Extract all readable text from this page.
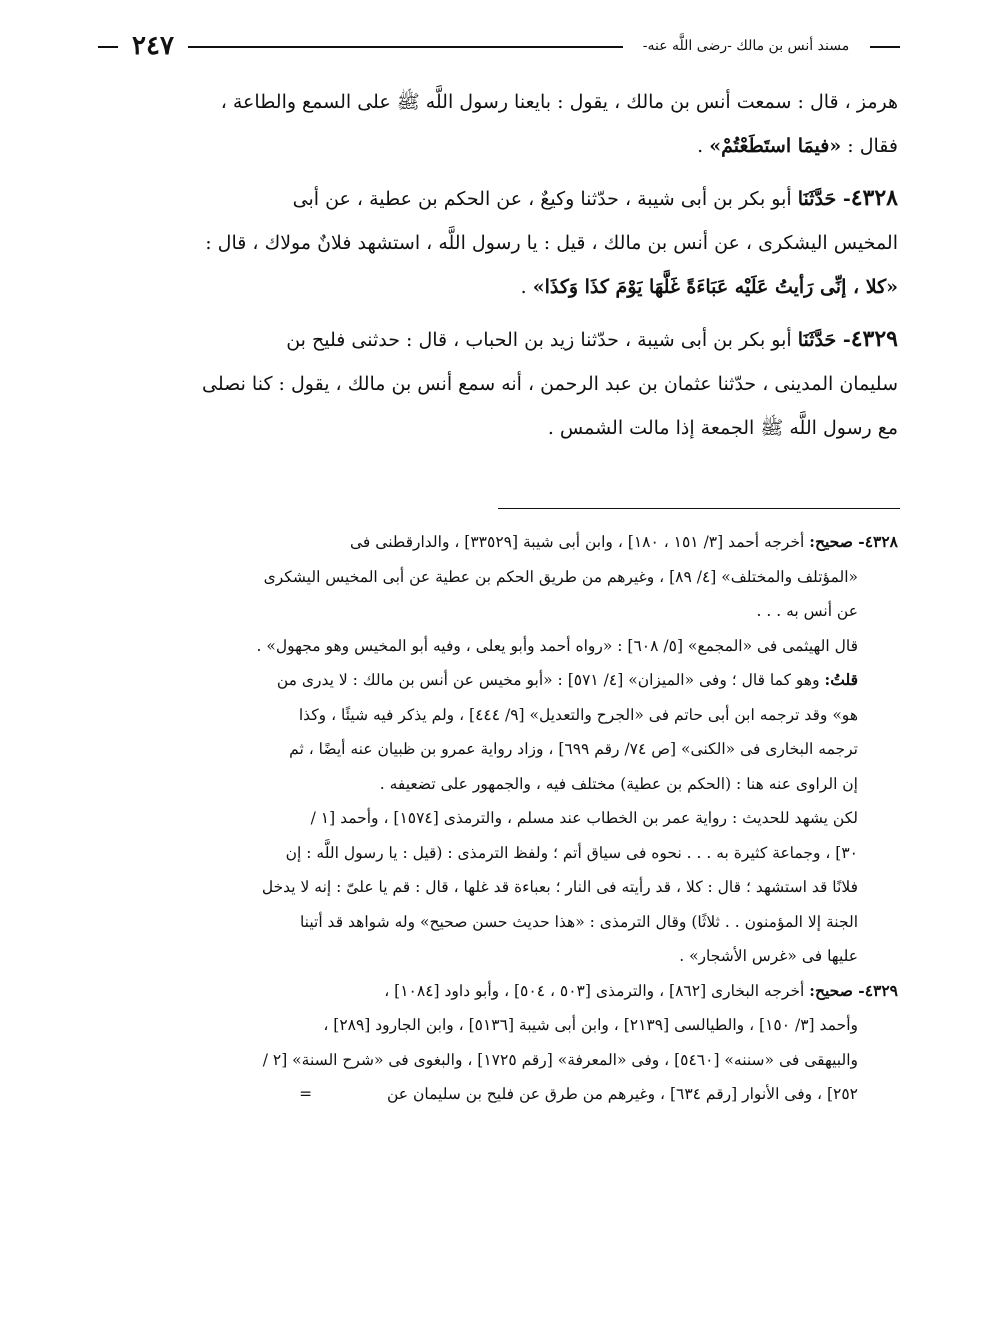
٢٤٧	مسند أنس بن مالك -رضى اللَّه عنه-

هرمز ، قال : سمعت أنس بن مالك ، يقول : بايعنا رسول اللَّه ﷺ على السمع والطاعة ،

فقال : «فيمَا استَطَعْتُمْ» .

٤٣٢٨- حَدَّثَنَا أبو بكر بن أبى شيبة ، حدّثنا وكيعٌ ، عن الحكم بن عطية ، عن أبى

المخيس اليشكرى ، عن أنس بن مالك ، قيل : يا رسول اللَّه ، استشهد فلانٌ مولاك ، قال :

«كلا ، إنِّى رَأيتُ عَلَيْه عَبَاءَةً غَلَّهَا يَوْمَ كذَا وَكذَا» .

٤٣٢٩- حَدَّثَنَا أبو بكر بن أبى شيبة ، حدّثنا زيد بن الحباب ، قال : حدثنى فليح بن

سليمان المدينى ، حدّثنا عثمان بن عبد الرحمن ، أنه سمع أنس بن مالك ، يقول : كنا نصلى

مع رسول اللَّه ﷺ الجمعة إذا مالت الشمس .

٤٣٢٨- صحيح: أخرجه أحمد [٣/ ١٥١ ، ١٨٠] ، وابن أبى شيبة [٣٣٥٢٩] ، والدارقطنى فى

«المؤتلف والمختلف» [٤/ ٨٩] ، وغيرهم من طريق الحكم بن عطية عن أبى المخيس اليشكرى

عن أنس به . . .

قال الهيثمى فى «المجمع» [٥/ ٦٠٨] : «رواه أحمد وأبو يعلى ، وفيه أبو المخيس وهو مجهول» .

قلتُ: وهو كما قال ؛ وفى «الميزان» [٤/ ٥٧١] : «أبو مخيس عن أنس بن مالك : لا يدرى من

هو» وقد ترجمه ابن أبى حاتم فى «الجرح والتعديل» [٩/ ٤٤٤] ، ولم يذكر فيه شيئًا ، وكذا

ترجمه البخارى فى «الكنى» [ص ٧٤/ رقم ٦٩٩] ، وزاد رواية عمرو بن ظبيان عنه أيضًا ، ثم

إن الراوى عنه هنا : (الحكم بن عطية) مختلف فيه ، والجمهور على تضعيفه .

لكن يشهد للحديث : رواية عمر بن الخطاب عند مسلم ، والترمذى [١٥٧٤] ، وأحمد [١ /

٣٠] ، وجماعة كثيرة به . . . نحوه فى سياق أتم ؛ ولفظ الترمذى : (قيل : يا رسول اللَّه : إن

فلانًا قد استشهد ؛ قال : كلا ، قد رأيته فى النار ؛ بعباءة قد غلها ، قال : قم يا علىّ : إنه لا يدخل

الجنة إلا المؤمنون . . ثلاثًا) وقال الترمذى : «هذا حديث حسن صحيح» وله شواهد قد أتينا

عليها فى «غرس الأشجار» .

٤٣٢٩- صحيح: أخرجه البخارى [٨٦٢] ، والترمذى [٥٠٣ ، ٥٠٤] ، وأبو داود [١٠٨٤] ،

وأحمد [٣/ ١٥٠] ، والطيالسى [٢١٣٩] ، وابن أبى شيبة [٥١٣٦] ، وابن الجارود [٢٨٩] ،

والبيهقى فى «سننه» [٥٤٦٠] ، وفى «المعرفة» [رقم ١٧٢٥] ، والبغوى فى «شرح السنة» [٢ /

٢٥٢] ، وفى الأنوار [رقم ٦٣٤] ، وغيرهم من طرق عن فليح بن سليمان عن =
